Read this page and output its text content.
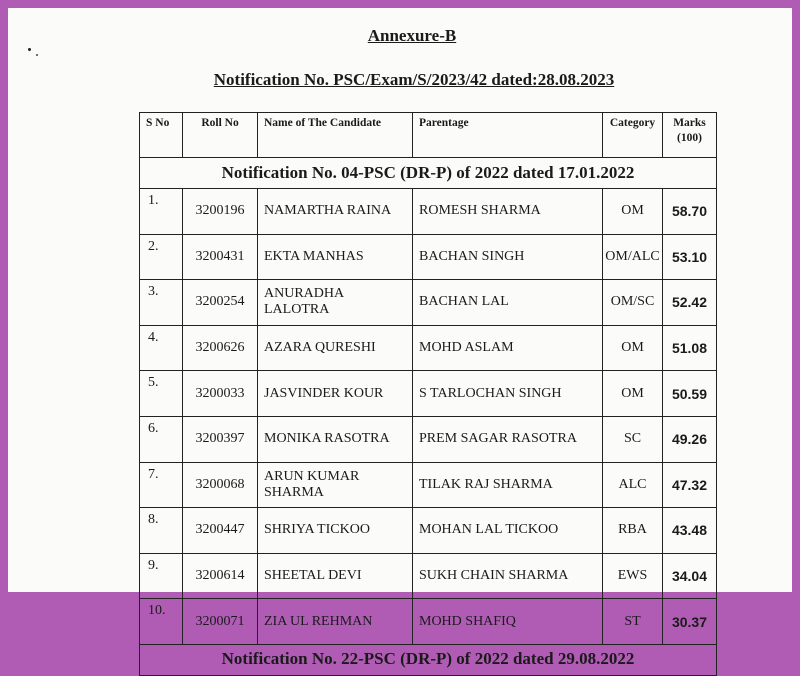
Annexure-B
Notification No. PSC/Exam/S/2023/42 dated:28.08.2023
S No	Roll No	Name of The Candidate	Parentage	Category	Marks
(100)
Notification No. 04-PSC (DR-P) of 2022 dated 17.01.2022					
1.	3200196	NAMARTHA RAINA	ROMESH SHARMA	OM	58.70
2.	3200431	EKTA MANHAS	BACHAN SINGH	OM/ALC	53.10
3.	3200254	ANURADHA LALOTRA	BACHAN LAL	OM/SC	52.42
4.	3200626	AZARA QURESHI	MOHD ASLAM	OM	51.08
5.	3200033	JASVINDER KOUR	S TARLOCHAN SINGH	OM	50.59
6.	3200397	MONIKA RASOTRA	PREM SAGAR RASOTRA	SC	49.26
7.	3200068	ARUN KUMAR SHARMA	TILAK RAJ SHARMA	ALC	47.32
8.	3200447	SHRIYA TICKOO	MOHAN LAL TICKOO	RBA	43.48
9.	3200614	SHEETAL DEVI	SUKH CHAIN SHARMA	EWS	34.04
10.	3200071	ZIA UL REHMAN	MOHD SHAFIQ	ST	30.37
Notification No. 22-PSC (DR-P) of 2022 dated 29.08.2022					
